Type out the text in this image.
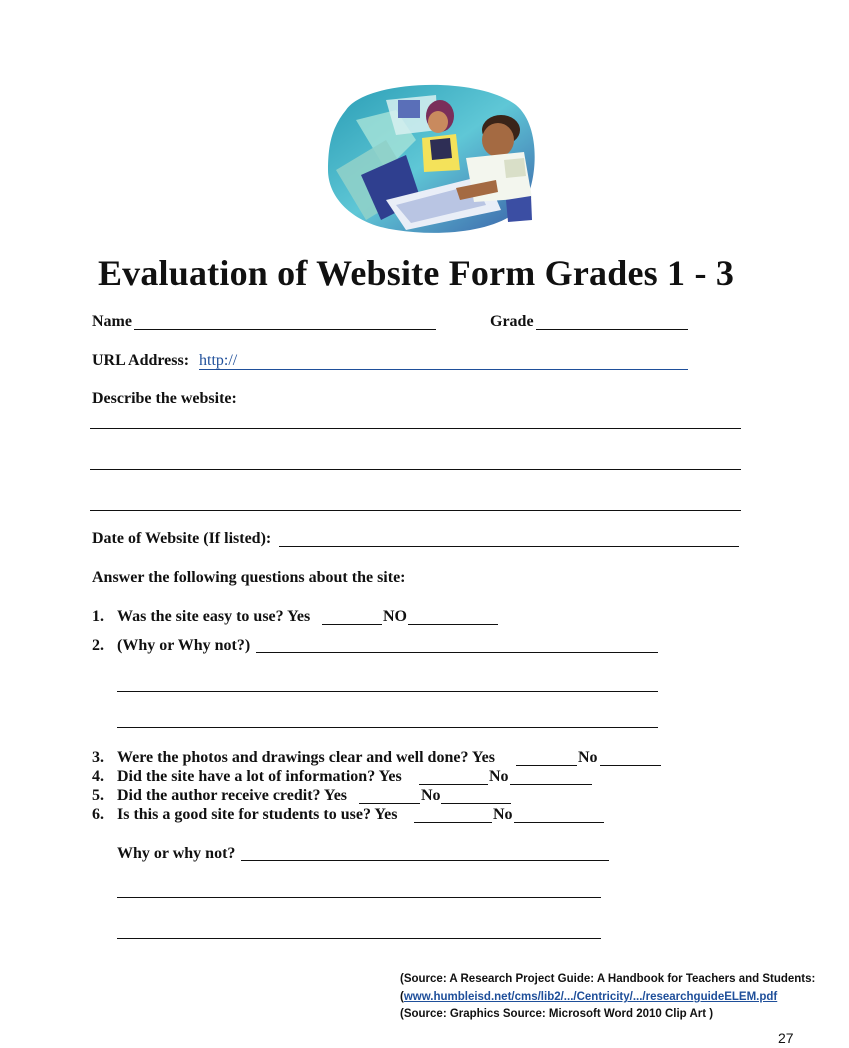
Evaluation of Website Form Grades 1 - 3
Name	Grade
URL Address: http://
Describe the website:
Date of Website (If listed):
Answer the following questions about the site:
1. Was the site easy to use? Yes	NO
2. (Why or Why not?)
3. Were the photos and drawings clear and well done? Yes	No
4. Did the site have a lot of information? Yes	No
5. Did the author receive credit? Yes	No
6. Is this a good site for students to use? Yes	No
Why or why not?
(Source: A Research Project Guide: A Handbook for Teachers and Students:
(www.humbleisd.net/cms/lib2/.../Centricity/.../researchguideELEM.pdf
(Source: Graphics Source: Microsoft Word 2010 Clip Art )
27
